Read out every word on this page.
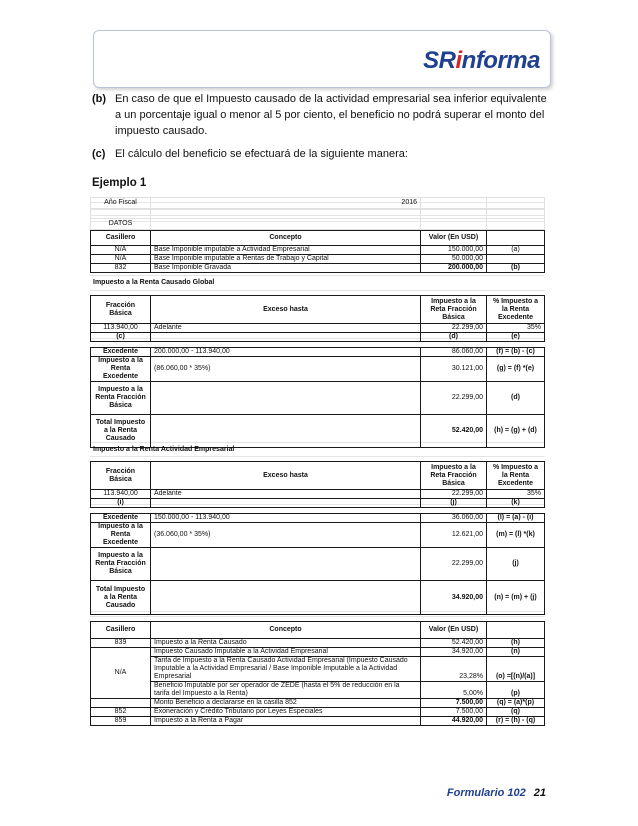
SRinforma
(b) En caso de que el Impuesto causado de la actividad empresarial sea inferior equivalente a un porcentaje igual o menor al 5 por ciento, el beneficio no podrá superar el monto del impuesto causado.
(c) El cálculo del beneficio se efectuará de la siguiente manera:
Ejemplo 1
Año Fiscal	2016		

DATOS			
Casillero	Concepto	Valor (En USD)	
N/A	Base Imponible imputable a Actividad Empresarial	150.000,00	(a)
N/A	Base Imponible imputable a Rentas de Trabajo y Capital	50.000,00	
832	Base Imponible Gravada	200.000,00	(b)
Impuesto a la Renta Causado Global
Fracción Básica	Exceso hasta	Impuesto a la Reta Fracción Básica	% Impuesto a la Renta Excedente
113.940,00	Adelante	22.299,00	35%
(c)		(d)	(e)
Excedente	200.000,00 - 113.940,00	86.060,00	(f) = (b) - (c)
Impuesto a la Renta Excedente	(86.060,00 * 35%)	30.121,00	(g) = (f) *(e)
Impuesto a la Renta Fracción Básica		22.299,00	(d)
Total Impuesto a la Renta Causado		52.420,00	(h) = (g) + (d)
Impuesto a la Renta Actividad Empresarial
Fracción Básica	Exceso hasta	Impuesto a la Reta Fracción Básica	% Impuesto a la Renta Excedente
113.940,00	Adelante	22.299,00	35%
(i)		(j)	(k)
Excedente	150.000,00 - 113.940,00	36.060,00	(l) = (a) - (i)
Impuesto a la Renta Excedente	(36.060,00 * 35%)	12.621,00	(m) = (l) *(k)
Impuesto a la Renta Fracción Básica		22.299,00	(j)
Total Impuesto a la Renta Causado		34.920,00	(n) = (m) + (j)
Casillero	Concepto	Valor (En USD)	
839	Impuesto a la Renta Causado	52.420,00	(h)
N/A	Impuesto Causado Imputable a la Actividad Empresarial	34.920,00	(n)
	Tarifa de Impuesto a la Renta Causado Actividad Empresarial (Impuesto Causado Imputable a la Actividad Empresarial / Base Imponible Imputable a la Actividad Empresarial	23,28%	(o) =[(n)/(a)]
	Beneficio Imputable por ser operador de ZEDE (hasta el 5% de reducción en la tarifa del Impuesto a la Renta)	5,00%	(p)
	Monto Beneficio a declararse en la casilla 852	7.500,00	(q) = (a)*(p)
852	Exoneración y Crédito Tributario por Leyes Especiales	7.500,00	(q)
859	Impuesto a la Renta a Pagar	44.920,00	(r) = (h) - (q)
Formulario 102 21
